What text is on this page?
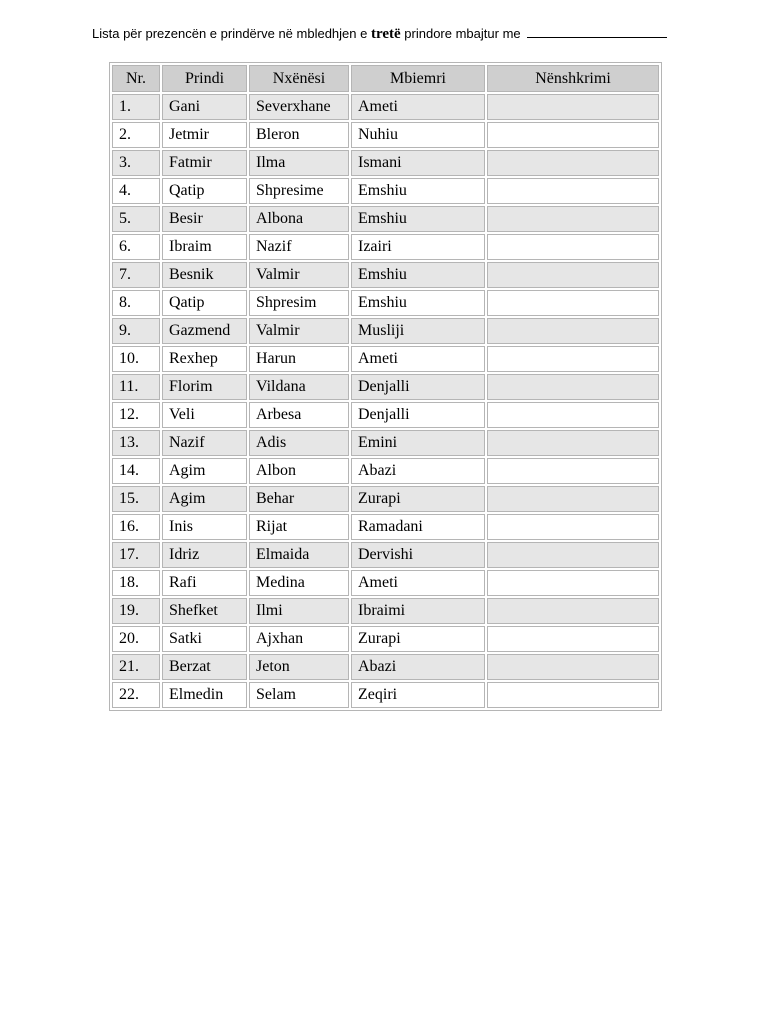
Lista për prezencën e prindërve në mbledhjen e tretë prindore mbajtur me
Nr.	Prindi	Nxënësi	Mbiemri	Nënshkrimi
1.	Gani	Severxhane	Ameti	
2.	Jetmir	Bleron	Nuhiu	
3.	Fatmir	Ilma	Ismani	
4.	Qatip	Shpresime	Emshiu	
5.	Besir	Albona	Emshiu	
6.	Ibraim	Nazif	Izairi	
7.	Besnik	Valmir	Emshiu	
8.	Qatip	Shpresim	Emshiu	
9.	Gazmend	Valmir	Musliji	
10.	Rexhep	Harun	Ameti	
11.	Florim	Vildana	Denjalli	
12.	Veli	Arbesa	Denjalli	
13.	Nazif	Adis	Emini	
14.	Agim	Albon	Abazi	
15.	Agim	Behar	Zurapi	
16.	Inis	Rijat	Ramadani	
17.	Idriz	Elmaida	Dervishi	
18.	Rafi	Medina	Ameti	
19.	Shefket	Ilmi	Ibraimi	
20.	Satki	Ajxhan	Zurapi	
21.	Berzat	Jeton	Abazi	
22.	Elmedin	Selam	Zeqiri	
